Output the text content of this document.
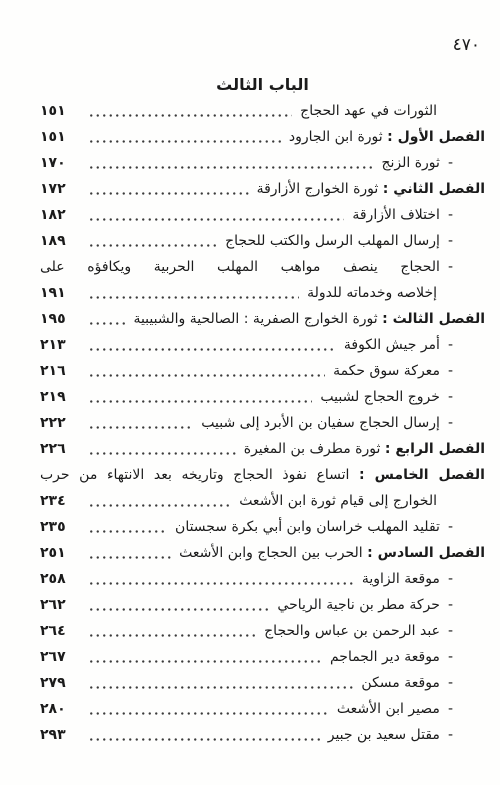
٤٧٠
الباب الثالث
الثورات في عهد الحجاج
١٥١
الفصل الأول : ثورة ابن الجارود
١٥١
-ثورة الزنج
١٧٠
الفصل الثاني : ثورة الخوارج الأزارقة
١٧٢
-اختلاف الأزارقة
١٨٢
-إرسال المهلب الرسل والكتب للحجاج
١٨٩
-الحجاج ينصف مواهب المهلب الحربية ويكافؤه على
إخلاصه وخدماته للدولة
١٩١
الفصل الثالث : ثورة الخوارج الصفرية : الصالحية والشبيبية
١٩٥
-أمر جيش الكوفة
٢١٣
-معركة سوق حكمة
٢١٦
-خروج الحجاج لشبيب
٢١٩
-إرسال الحجاج سفيان بن الأبرد إلى شبيب
٢٢٢
الفصل الرابع : ثورة مطرف بن المغيرة
٢٢٦
الفصل الخامس : اتساع نفوذ الحجاج وتاريخه بعد الانتهاء من حرب
الخوارج إلى قيام ثورة ابن الأشعث
٢٣٤
-تقليد المهلب خراسان وابن أبي بكرة سجستان
٢٣٥
الفصل السادس : الحرب بين الحجاج وابن الأشعث
٢٥١
-موقعة الزاوية
٢٥٨
-حركة مطر بن ناجية الرياحي
٢٦٢
-عبد الرحمن بن عباس والحجاج
٢٦٤
-موقعة دير الجماجم
٢٦٧
-موقعة مسكن
٢٧٩
-مصير ابن الأشعث
٢٨٠
-مقتل سعيد بن جبير
٢٩٣
